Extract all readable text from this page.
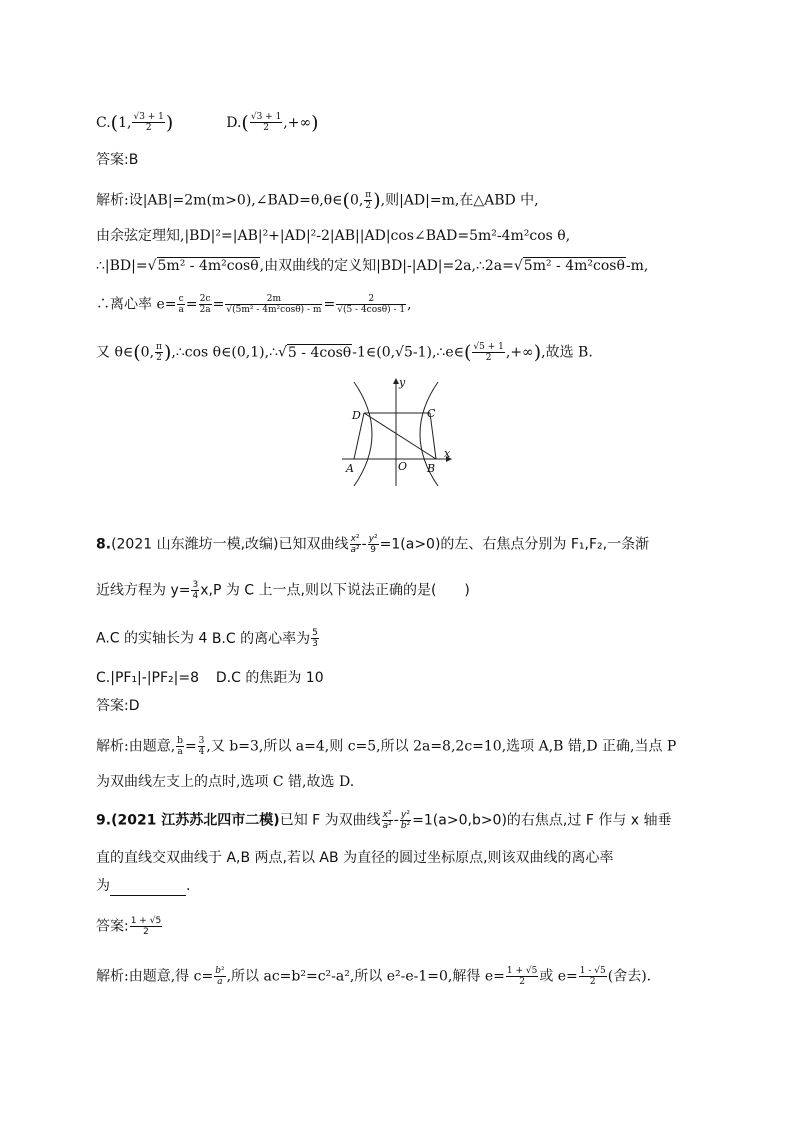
C.(1, $\frac{√3 + 1}{2}$ )	$D.( \frac{√3 + 1}{2}$ ,+∞)
答案:B
解析:设|AB|=2m(m>0),∠BAD=θ,θ∈(0, $\frac{\pi}{2}$ ),则|AD|=m,在△ABD 中,
由余弦定理知,|BD|²=|AB|²+|AD|²-2|AB||AD|cos∠BAD=5m²-4m²cos θ,
∴|BD|=√5m² - 4m²cosθ,由双曲线的定义知|BD|-|AD|=2a,∴2a=√5m² - 4m²cosθ-m,
∴离心率 $e= \frac{c}{a} = \frac{2c}{2a} = \frac{2m}{\text{√(5m² - 4m²cosθ) - m}} = \frac{2}{√(5 - 4\cos\theta) - 1}$ ,
又 θ∈(0, $\frac{\pi}{2}$ ),∴cos θ∈(0,1),∴√5 - 4cosθ-1∈(0,√5-1),∴e∈( $\frac{√5 + 1}{2}$ ,+∞),故选 B.
y
x
D	C
A	O B
8.(2021 山东潍坊一模,改编)已知双曲线 $\frac{\text{x²}}{\text{a²}} - \frac{\text{y²}}{9} =1(a>0)$的左、右焦点分别为 F₁,F₂,一条渐
近线方程为 $y= \frac{3}{4} x,P$ 为 C 上一点,则以下说法正确的是(　　)
A.C 的实轴长为 4 B.C 的离心率为 $\frac{5}{3}$
C.|PF₁|-|PF₂|=8 D.C 的焦距为 10
答案:D
解析:由题意, $\frac{b}{a} = \frac{3}{4}$ ,又 b=3,所以 a=4,则 c=5,所以 2a=8,2c=10,选项 A,B 错,D 正确,当点 P
为双曲线左支上的点时,选项 C 错,故选 D.
9.(2021 江苏苏北四市二模)已知 F 为双曲线 $\frac{\text{x²}}{\text{a²}} - \frac{\text{y²}}{\text{b²}} =1(a>0,b>0)$的右焦点,过 F 作与 x 轴垂
直的直线交双曲线于 A,B 两点,若以 AB 为直径的圆过坐标原点,则该双曲线的离心率
为	.
答案: $\frac{1 + √5}{2}$
解析:由题意,得 $c= \frac{\text{b²}}{a}$ ,所以 ac=b²=c²-a²,所以 e²-e-1=0,解得 $e= \frac{1 + √5}{2}$ 或 $e= \frac{1 - √5}{2}$ (舍去).
